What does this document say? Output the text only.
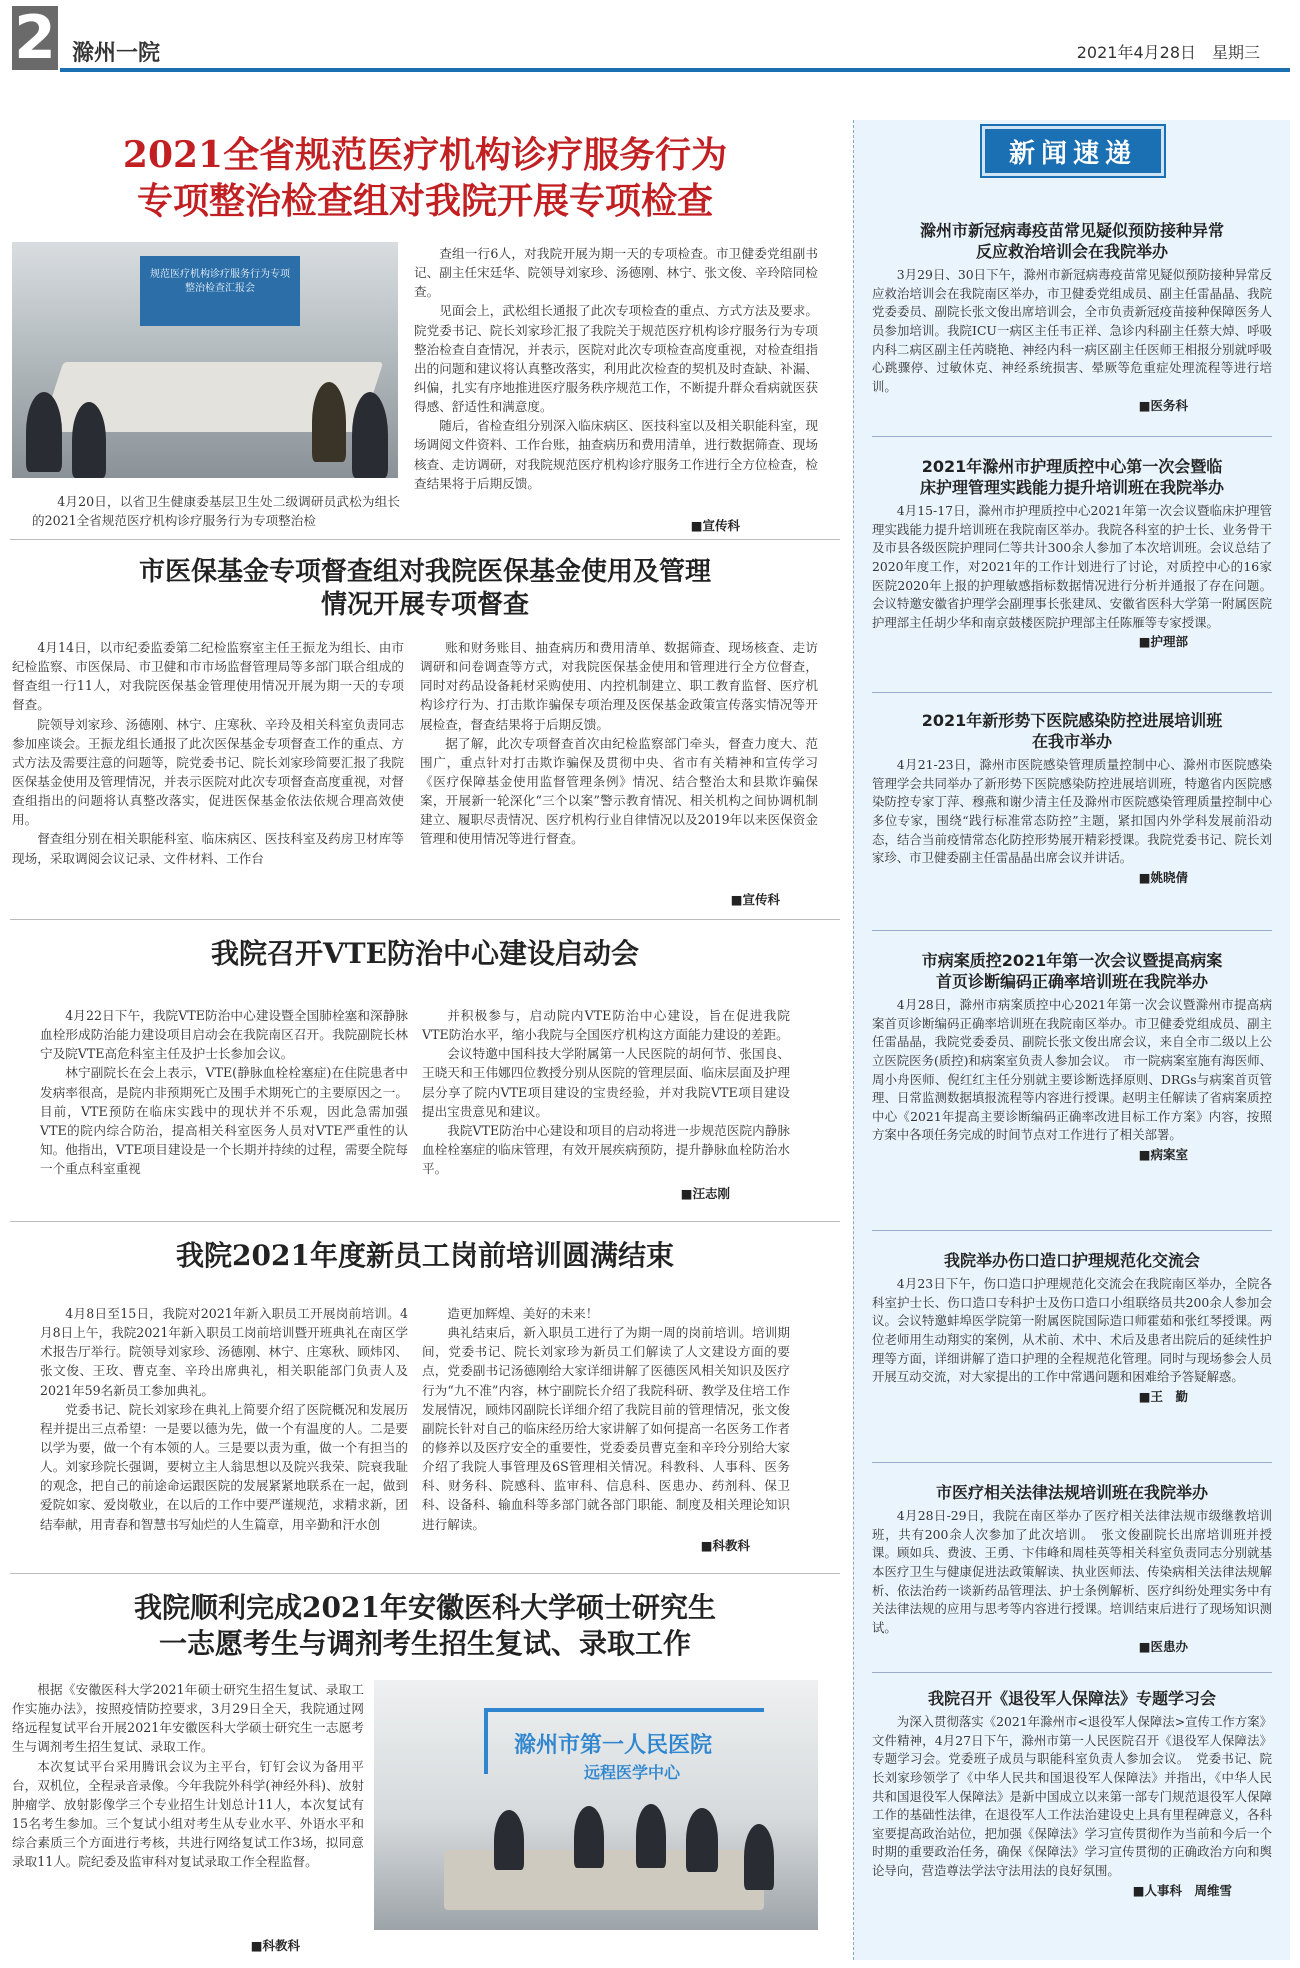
2 滁州一院	2021年4月28日　星期三
2021全省规范医疗机构诊疗服务行为
专项整治检查组对我院开展专项检查
规范医疗机构诊疗服务行为专项整治检查汇报会
4月20日，以省卫生健康委基层卫生处二级调研员武松为组长的2021全省规范医疗机构诊疗服务行为专项整治检

查组一行6人，对我院开展为期一天的专项检查。市卫健委党组副书记、副主任宋廷华、院领导刘家珍、汤德刚、林宁、张文俊、辛玲陪同检查。

见面会上，武松组长通报了此次专项检查的重点、方式方法及要求。院党委书记、院长刘家珍汇报了我院关于规范医疗机构诊疗服务行为专项整治检查自查情况，并表示，医院对此次专项检查高度重视，对检查组指出的问题和建议将认真整改落实，利用此次检查的契机及时查缺、补漏、纠偏，扎实有序地推进医疗服务秩序规范工作，不断提升群众看病就医获得感、舒适性和满意度。

随后，省检查组分别深入临床病区、医技科室以及相关职能科室，现场调阅文件资料、工作台账，抽查病历和费用清单，进行数据筛查、现场核查、走访调研，对我院规范医疗机构诊疗服务工作进行全方位检查，检查结果将于后期反馈。

■宣传科
市医保基金专项督查组对我院医保基金使用及管理
情况开展专项督查

4月14日，以市纪委监委第二纪检监察室主任王振龙为组长、由市纪检监察、市医保局、市卫健和市市场监督管理局等多部门联合组成的督查组一行11人，对我院医保基金管理使用情况开展为期一天的专项督查。

院领导刘家珍、汤德刚、林宁、庄寒秋、辛玲及相关科室负责同志参加座谈会。王振龙组长通报了此次医保基金专项督查工作的重点、方式方法及需要注意的问题等，院党委书记、院长刘家珍简要汇报了我院医保基金使用及管理情况，并表示医院对此次专项督查高度重视，对督查组指出的问题将认真整改落实，促进医保基金依法依规合理高效使用。

督查组分别在相关职能科室、临床病区、医技科室及药房卫材库等现场，采取调阅会议记录、文件材料、工作台

账和财务账目、抽查病历和费用清单、数据筛查、现场核查、走访调研和问卷调查等方式，对我院医保基金使用和管理进行全方位督查，同时对药品设备耗材采购使用、内控机制建立、职工教育监督、医疗机构诊疗行为、打击欺诈骗保专项治理及医保基金政策宣传落实情况等开展检查，督查结果将于后期反馈。

据了解，此次专项督查首次由纪检监察部门牵头，督查力度大、范围广，重点针对打击欺诈骗保及贯彻中央、省市有关精神和宣传学习《医疗保障基金使用监督管理条例》情况、结合整治太和县欺诈骗保案，开展新一轮深化“三个以案”警示教育情况、相关机构之间协调机制建立、履职尽责情况、医疗机构行业自律情况以及2019年以来医保资金管理和使用情况等进行督查。

■宣传科
我院召开VTE防治中心建设启动会

4月22日下午，我院VTE防治中心建设暨全国肺栓塞和深静脉血栓形成防治能力建设项目启动会在我院南区召开。我院副院长林宁及院VTE高危科室主任及护士长参加会议。

林宁副院长在会上表示，VTE(静脉血栓栓塞症)在住院患者中发病率很高，是院内非预期死亡及围手术期死亡的主要原因之一。目前，VTE预防在临床实践中的现状并不乐观，因此急需加强VTE的院内综合防治，提高相关科室医务人员对VTE严重性的认知。他指出，VTE项目建设是一个长期并持续的过程，需要全院每一个重点科室重视

并积极参与，启动院内VTE防治中心建设，旨在促进我院VTE防治水平，缩小我院与全国医疗机构这方面能力建设的差距。

会议特邀中国科技大学附属第一人民医院的胡何节、张国良、王晓天和王伟娜四位教授分别从医院的管理层面、临床层面及护理层分享了院内VTE项目建设的宝贵经验，并对我院VTE项目建设提出宝贵意见和建议。

我院VTE防治中心建设和项目的启动将进一步规范医院内静脉血栓栓塞症的临床管理，有效开展疾病预防，提升静脉血栓防治水平。

■汪志刚
我院2021年度新员工岗前培训圆满结束

4月8日至15日，我院对2021年新入职员工开展岗前培训。4月8日上午，我院2021年新入职员工岗前培训暨开班典礼在南区学术报告厅举行。院领导刘家珍、汤德刚、林宁、庄寒秋、顾炜冈、张文俊、王玫、曹克奎、辛玲出席典礼，相关职能部门负责人及2021年59名新员工参加典礼。

党委书记、院长刘家珍在典礼上简要介绍了医院概况和发展历程并提出三点希望：一是要以德为先，做一个有温度的人。二是要以学为要，做一个有本领的人。三是要以责为重，做一个有担当的人。刘家珍院长强调，要树立主人翁思想以及院兴我荣、院衰我耻的观念，把自己的前途命运跟医院的发展紧紧地联系在一起，做到爱院如家、爱岗敬业，在以后的工作中要严谨规范，求精求新，团结奉献，用青春和智慧书写灿烂的人生篇章，用辛勤和汗水创

造更加辉煌、美好的未来！

典礼结束后，新入职员工进行了为期一周的岗前培训。培训期间，党委书记、院长刘家珍为新员工们解读了人文建设方面的要点，党委副书记汤德刚给大家详细讲解了医德医风相关知识及医疗行为“九不准”内容，林宁副院长介绍了我院科研、教学及住培工作发展情况，顾炜冈副院长详细介绍了我院目前的管理情况，张文俊副院长针对自己的临床经历给大家讲解了如何提高一名医务工作者的修养以及医疗安全的重要性，党委委员曹克奎和辛玲分别给大家介绍了我院人事管理及6S管理相关情况。科教科、人事科、医务科、财务科、院感科、监审科、信息科、医患办、药剂科、保卫科、设备科、输血科等多部门就各部门职能、制度及相关理论知识进行解读。

■科教科
我院顺利完成2021年安徽医科大学硕士研究生
一志愿考生与调剂考生招生复试、录取工作

根据《安徽医科大学2021年硕士研究生招生复试、录取工作实施办法》，按照疫情防控要求，3月29日全天，我院通过网络远程复试平台开展2021年安徽医科大学硕士研究生一志愿考生与调剂考生招生复试、录取工作。

本次复试平台采用腾讯会议为主平台，钉钉会议为备用平台，双机位，全程录音录像。今年我院外科学(神经外科)、放射肿瘤学、放射影像学三个专业招生计划总计11人，本次复试有15名考生参加。三个复试小组对考生从专业水平、外语水平和综合素质三个方面进行考核，共进行网络复试工作3场，拟同意录取11人。院纪委及监审科对复试录取工作全程监督。

滁州市第一人民医院
远程医学中心
■科教科
新闻速递
滁州市新冠病毒疫苗常见疑似预防接种异常
反应救治培训会在我院举办
3月29日、30日下午，滁州市新冠病毒疫苗常见疑似预防接种异常反应救治培训会在我院南区举办，市卫健委党组成员、副主任雷晶晶、我院党委委员、副院长张文俊出席培训会，全市负责新冠疫苗接种保障医务人员参加培训。我院ICU一病区主任韦正祥、急诊内科副主任蔡大焯、呼吸内科二病区副主任芮晓艳、神经内科一病区副主任医师王相报分别就呼吸心跳骤停、过敏休克、神经系统损害、晕厥等危重症处理流程等进行培训。
■医务科
2021年滁州市护理质控中心第一次会暨临
床护理管理实践能力提升培训班在我院举办
4月15-17日，滁州市护理质控中心2021年第一次会议暨临床护理管理实践能力提升培训班在我院南区举办。我院各科室的护士长、业务骨干及市县各级医院护理同仁等共计300余人参加了本次培训班。会议总结了2020年度工作，对2021年的工作计划进行了讨论，对质控中心的16家医院2020年上报的护理敏感指标数据情况进行分析并通报了存在问题。会议特邀安徽省护理学会副理事长张建凤、安徽省医科大学第一附属医院护理部主任胡少华和南京鼓楼医院护理部主任陈雁等专家授课。
■护理部
2021年新形势下医院感染防控进展培训班
在我市举办
4月21-23日，滁州市医院感染管理质量控制中心、滁州市医院感染管理学会共同举办了新形势下医院感染防控进展培训班，特邀省内医院感染防控专家丁萍、穆燕和谢少清主任及滁州市医院感染管理质量控制中心多位专家，围绕“践行标准常态防控”主题，紧扣国内外学科发展前沿动态，结合当前疫情常态化防控形势展开精彩授课。我院党委书记、院长刘家珍、市卫健委副主任雷晶晶出席会议并讲话。
■姚晓倩
市病案质控2021年第一次会议暨提高病案
首页诊断编码正确率培训班在我院举办
4月28日，滁州市病案质控中心2021年第一次会议暨滁州市提高病案首页诊断编码正确率培训班在我院南区举办。市卫健委党组成员、副主任雷晶晶，我院党委委员、副院长张文俊出席会议，来自全市二级以上公立医院医务(质控)和病案室负责人参加会议。　市一院病案室施有海医师、周小舟医师、倪红红主任分别就主要诊断选择原则、DRGs与病案首页管理、日常监测数据填报流程等内容进行授课。赵明主任解读了省病案质控中心《2021年提高主要诊断编码正确率改进目标工作方案》内容，按照方案中各项任务完成的时间节点对工作进行了相关部署。
■病案室
我院举办伤口造口护理规范化交流会
4月23日下午，伤口造口护理规范化交流会在我院南区举办，全院各科室护士长、伤口造口专科护士及伤口造口小组联络员共200余人参加会议。会议特邀蚌埠医学院第一附属医院国际造口师霍茹和张红琴授课。两位老师用生动翔实的案例，从术前、术中、术后及患者出院后的延续性护理等方面，详细讲解了造口护理的全程规范化管理。同时与现场参会人员开展互动交流，对大家提出的工作中常遇问题和困难给予答疑解惑。
■王　勤
市医疗相关法律法规培训班在我院举办
4月28日-29日，我院在南区举办了医疗相关法律法规市级继教培训班，共有200余人次参加了此次培训。　张文俊副院长出席培训班并授课。顾如兵、费波、王勇、卞伟峰和周桂英等相关科室负责同志分别就基本医疗卫生与健康促进法政策解读、执业医师法、传染病相关法律法规解析、依法治药一谈新药品管理法、护士条例解析、医疗纠纷处理实务中有关法律法规的应用与思考等内容进行授课。培训结束后进行了现场知识测试。
■医患办
我院召开《退役军人保障法》专题学习会
为深入贯彻落实《2021年滁州市<退役军人保障法>宣传工作方案》文件精神，4月27日下午，滁州市第一人民医院召开《退役军人保障法》专题学习会。党委班子成员与职能科室负责人参加会议。　党委书记、院长刘家珍领学了《中华人民共和国退役军人保障法》并指出，《中华人民共和国退役军人保障法》是新中国成立以来第一部专门规范退役军人保障工作的基础性法律，在退役军人工作法治建设史上具有里程碑意义，各科室要提高政治站位，把加强《保障法》学习宣传贯彻作为当前和今后一个时期的重要政治任务，确保《保障法》学习宣传贯彻的正确政治方向和舆论导向，营造尊法学法守法用法的良好氛围。
■人事科　周维雪
